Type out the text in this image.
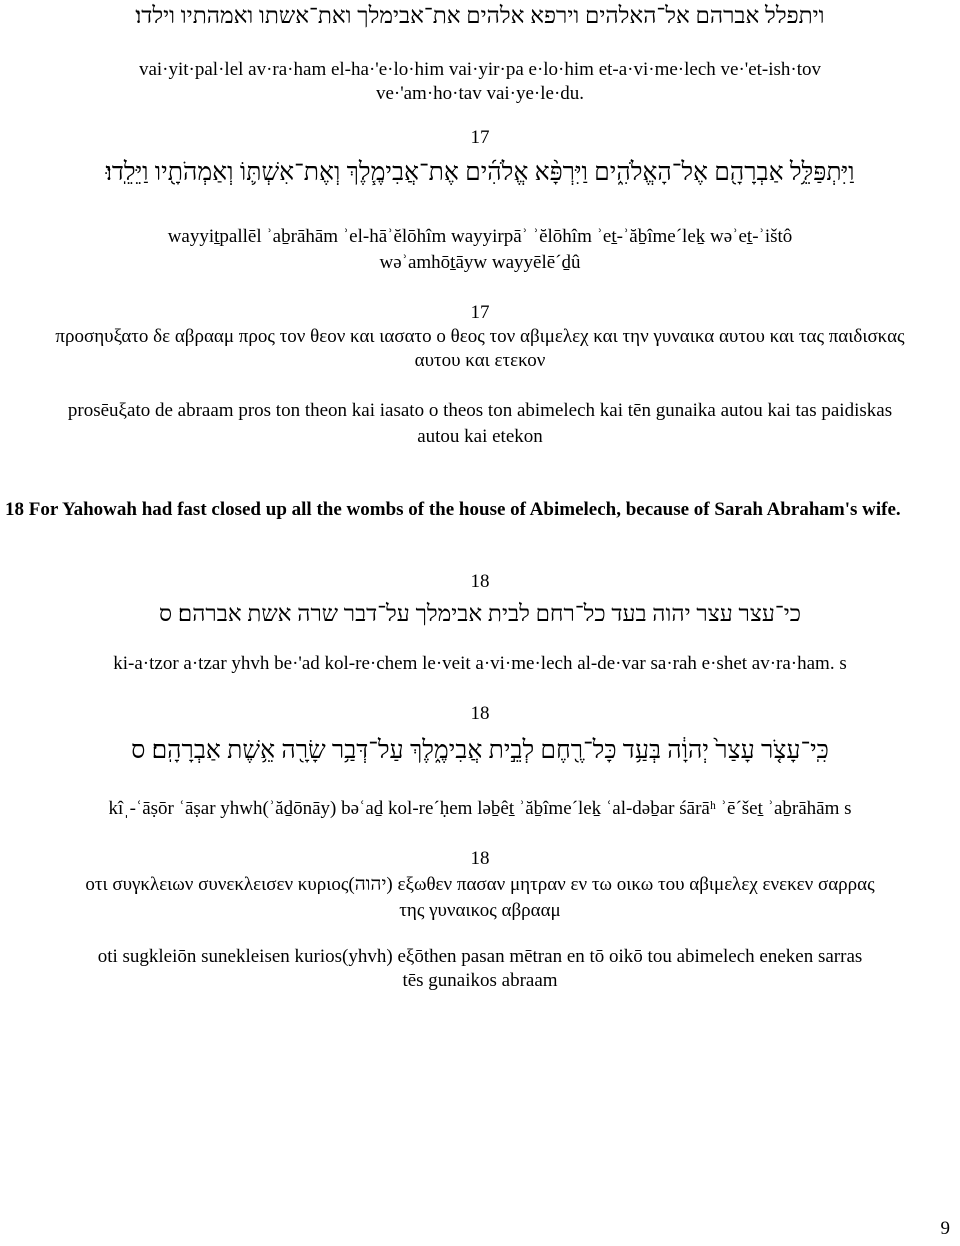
ויתפלל אברהם אל־האלהים וירפא אלהים את־אבימלך ואת־אשתו ואמהתיו וילדו׃
vai·yit·pal·lel av·ra·ham el-ha·'e·lo·him vai·yir·pa e·lo·him et-a·vi·me·lech ve·'et-ish·tov
ve·'am·ho·tav vai·ye·le·du.
17
וַיִּתְפַּלֵּ֥ל אַבְרָהָ֖ם אֶל־הָאֱלֹהִ֑ים וַיִּרְפָּ֨א אֱלֹהִ֜ים אֶת־אֲבִימֶ֧לֶךְ וְאֶת־אִשְׁתּ֛וֹ וְאַמְהֹתָ֖יו וַיֵּלֵֽדוּ׃
wayyiṯpallēl ʾaḇrāhām ʾel-hāʾĕlōhîm wayyirpāʾ ʾĕlōhîm ʾeṯ-ʾăḇîmeˊleḵ wəʾeṯ-ʾištô
wəʾamhōṯāyw wayyēlēˊḏû
17
προσηυξατο δε αβρααμ προς τον θεον και ιασατο ο θεος τον αβιμελεχ και την γυναικα αυτου και τας παιδισκας
αυτου και ετεκον
prosēuξato de abraam pros ton theon kai iasato o theos ton abimelech kai tēn gunaika autou kai tas paidiskas
autou kai etekon
18 For Yahowah had fast closed up all the wombs of the house of Abimelech, because of Sarah Abraham's wife.
18
כי־עצר עצר יהוה בעד כל־רחם לבית אבימלך על־דבר שרה אשת אברהם׃ ס
ki-a·tzor a·tzar yhvh be·'ad kol-re·chem le·veit a·vi·me·lech al-de·var sa·rah e·shet av·ra·ham. s
18
כִּֽי־עָצֹ֤ר עָצַר֙ יְהוָ֔ה בְּעַ֥ד כָּל־רֶ֖חֶם לְבֵ֣ית אֲבִימֶ֑לֶךְ עַל־דְּבַ֥ר שָׂרָ֖ה אֵ֥שֶׁת אַבְרָהָֽם׃ ס
kîˌ-ʿāṣōr ʿāṣar yhwh(ʾăḏōnāy) bəʿaḏ kol-reˊḥem ləḇêṯ ʾăḇîmeˊleḵ ʿal-dəḇar śārāʰ ʾēˊšeṯ ʾaḇrāhām s
18
οτι συγκλειων συνεκλεισεν κυριος(יהוה) εξωθεν πασαν μητραν εν τω οικω του αβιμελεχ ενεκεν σαρρας
της γυναικος αβρααμ
oti sugkleiōn sunekleisen kurios(yhvh) eξōthen pasan mētran en tō oikō tou abimelech eneken sarras
tēs gunaikos abraam
9
